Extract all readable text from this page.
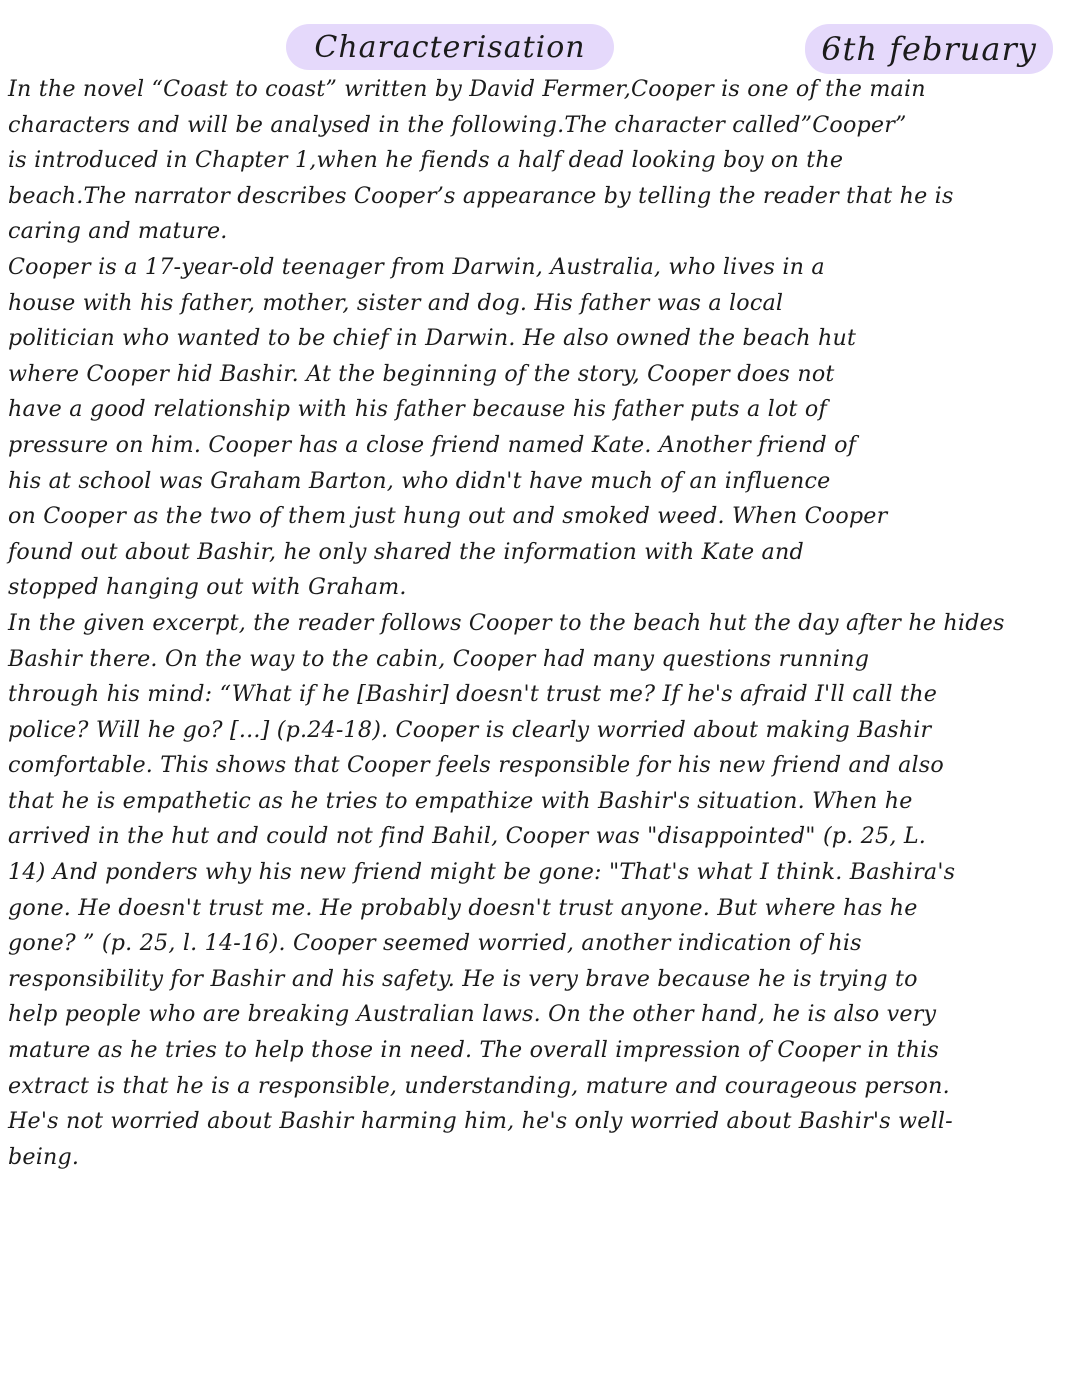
Characterisation	6th february
In the novel “Coast to coast” written by David Fermer,Cooper is one of the main
characters and will be analysed in the following.The character called”Cooper”
is introduced in Chapter 1,when he fiends a half dead looking boy on the
beach.The narrator describes Cooper’s appearance by telling the reader that he is
caring and mature.
Cooper is a 17-year-old teenager from Darwin, Australia, who lives in a
house with his father, mother, sister and dog. His father was a local
politician who wanted to be chief in Darwin. He also owned the beach hut
where Cooper hid Bashir. At the beginning of the story, Cooper does not
have a good relationship with his father because his father puts a lot of
pressure on him. Cooper has a close friend named Kate. Another friend of
his at school was Graham Barton, who didn't have much of an influence
on Cooper as the two of them just hung out and smoked weed. When Cooper
found out about Bashir, he only shared the information with Kate and
stopped hanging out with Graham.
In the given excerpt, the reader follows Cooper to the beach hut the day after he hides
Bashir there. On the way to the cabin, Cooper had many questions running
through his mind: “What if he [Bashir] doesn't trust me? If he's afraid I'll call the
police? Will he go? [...] (p.24-18). Cooper is clearly worried about making Bashir
comfortable. This shows that Cooper feels responsible for his new friend and also
that he is empathetic as he tries to empathize with Bashir's situation. When he
arrived in the hut and could not find Bahil, Cooper was "disappointed" (p. 25, L.
14) And ponders why his new friend might be gone: "That's what I think. Bashira's
gone. He doesn't trust me. He probably doesn't trust anyone. But where has he
gone? ” (p. 25, l. 14-16). Cooper seemed worried, another indication of his
responsibility for Bashir and his safety. He is very brave because he is trying to
help people who are breaking Australian laws. On the other hand, he is also very
mature as he tries to help those in need. The overall impression of Cooper in this
extract is that he is a responsible, understanding, mature and courageous person.
He's not worried about Bashir harming him, he's only worried about Bashir's well-
being.
